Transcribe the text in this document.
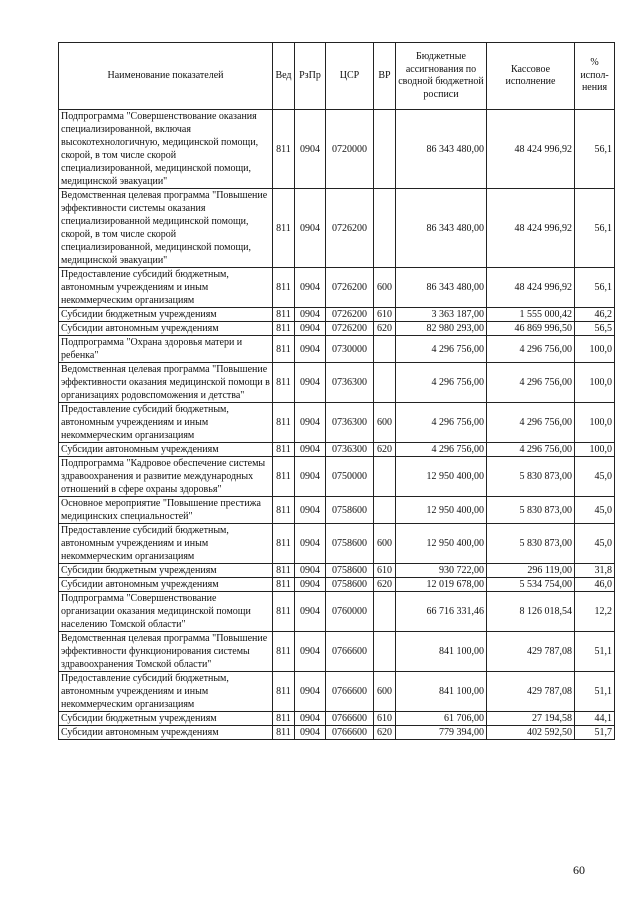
Наименование показателей	Вед	РзПр	ЦСР	ВР	Бюджетные ассигнования по сводной бюджетной росписи	Кассовое исполнение	% испол-нения
Подпрограмма "Совершенствование оказания специализированной, включая высокотехнологичную, медицинской помощи, скорой, в том числе скорой специализированной, медицинской помощи, медицинской эвакуации"	811	0904	0720000		86 343 480,00	48 424 996,92	56,1
Ведомственная целевая программа "Повышение эффективности системы оказания специализированной медицинской помощи, скорой, в том числе скорой специализированной, медицинской помощи, медицинской эвакуации"	811	0904	0726200		86 343 480,00	48 424 996,92	56,1
Предоставление субсидий бюджетным, автономным учреждениям и иным некоммерческим организациям	811	0904	0726200	600	86 343 480,00	48 424 996,92	56,1
Субсидии бюджетным учреждениям	811	0904	0726200	610	3 363 187,00	1 555 000,42	46,2
Субсидии автономным учреждениям	811	0904	0726200	620	82 980 293,00	46 869 996,50	56,5
Подпрограмма "Охрана здоровья матери и ребенка"	811	0904	0730000		4 296 756,00	4 296 756,00	100,0
Ведомственная целевая программа "Повышение эффективности оказания медицинской помощи в организациях родовспоможения и детства"	811	0904	0736300		4 296 756,00	4 296 756,00	100,0
Предоставление субсидий бюджетным, автономным учреждениям и иным некоммерческим организациям	811	0904	0736300	600	4 296 756,00	4 296 756,00	100,0
Субсидии автономным учреждениям	811	0904	0736300	620	4 296 756,00	4 296 756,00	100,0
Подпрограмма "Кадровое обеспечение системы здравоохранения и развитие международных отношений в сфере охраны здоровья"	811	0904	0750000		12 950 400,00	5 830 873,00	45,0
Основное мероприятие "Повышение престижа медицинских специальностей"	811	0904	0758600		12 950 400,00	5 830 873,00	45,0
Предоставление субсидий бюджетным, автономным учреждениям и иным некоммерческим организациям	811	0904	0758600	600	12 950 400,00	5 830 873,00	45,0
Субсидии бюджетным учреждениям	811	0904	0758600	610	930 722,00	296 119,00	31,8
Субсидии автономным учреждениям	811	0904	0758600	620	12 019 678,00	5 534 754,00	46,0
Подпрограмма "Совершенствование организации оказания медицинской помощи населению Томской области"	811	0904	0760000		66 716 331,46	8 126 018,54	12,2
Ведомственная целевая программа "Повышение эффективности функционирования системы здравоохранения Томской области"	811	0904	0766600		841 100,00	429 787,08	51,1
Предоставление субсидий бюджетным, автономным учреждениям и иным некоммерческим организациям	811	0904	0766600	600	841 100,00	429 787,08	51,1
Субсидии бюджетным учреждениям	811	0904	0766600	610	61 706,00	27 194,58	44,1
Субсидии автономным учреждениям	811	0904	0766600	620	779 394,00	402 592,50	51,7
60
